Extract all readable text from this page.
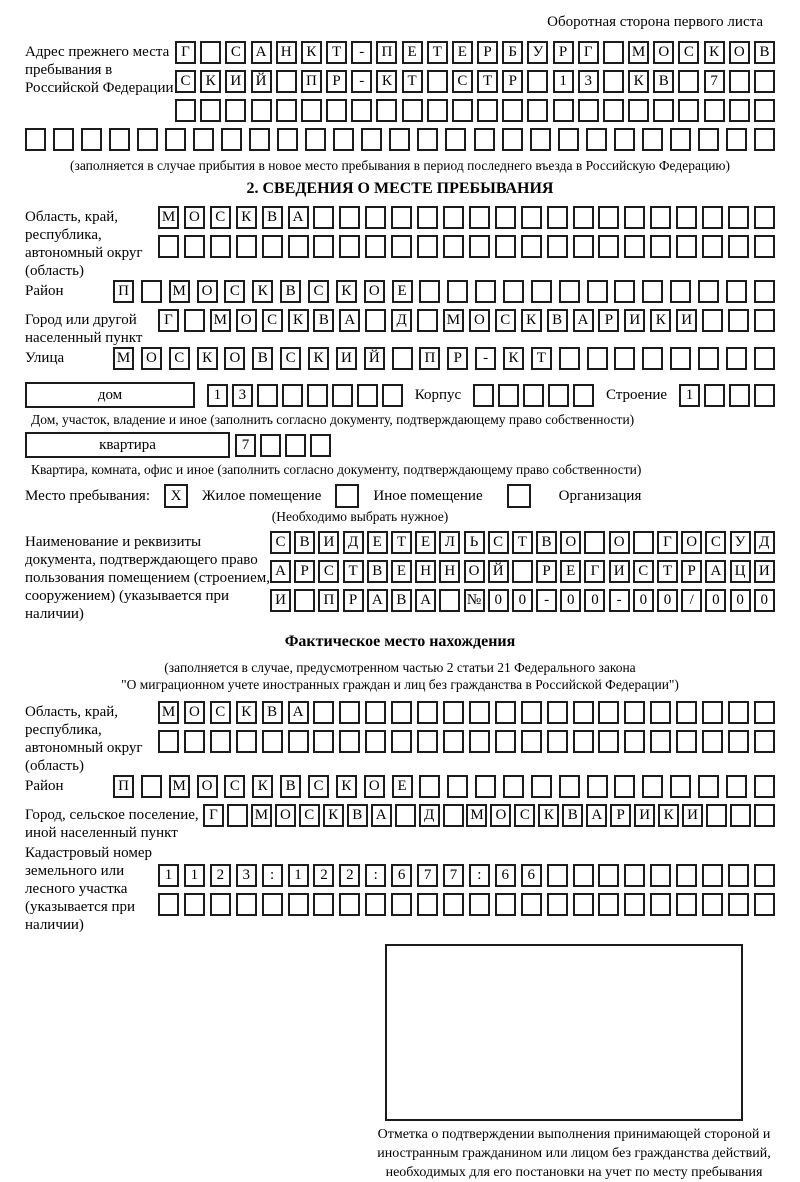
Оборотная сторона первого листа
Адрес прежнего места пребывания в Российской Федерации
Г	С А Н К	Т	-	П	Е	Т	Е	Р	Б	У	Р	Г	М О С	К О В
С	К И Й	П	Р	-	К	Т	С	Т	Р	1	3	К	В	7
(заполняется в случае прибытия в новое место пребывания в период последнего въезда в Российскую Федерацию)
2. СВЕДЕНИЯ О МЕСТЕ ПРЕБЫВАНИЯ
Область, край, республика, автономный округ (область)
М О	С	К	В	А
Район	П	М	О	С	К	В	С	К	О	Е
Город или другой населенный пункт
Г	М О	С	К	В	А	Д	М О	С	К	В	А	Р	И	К	И
Улица	М	О	С	К	О	В	С	К	И	Й	П	Р	-	К	Т
дом	1	3	Корпус	Строение	1
Дом, участок, владение и иное (заполнить согласно документу, подтверждающему право собственности)
квартира	7
Квартира, комната, офис и иное (заполнить согласно документу, подтверждающему право собственности)
Место пребывания:	X	Жилое помещение	Иное помещение	Организация
(Необходимо выбрать нужное)
Наименование и реквизиты документа, подтверждающего право пользования помещением (строением, сооружением) (указывается при наличии)
С В И Д Е	Т	Е Л Ь С Т В О	О	Г О С У Д
А Р	С Т В Е Н Н О Й	Р	Е	Г И С Т	Р А Ц И
И	П Р А В А	№ 0	0	-	0	0	-	0	0	/	0	0	0
Фактическое место нахождения
(заполняется в случае, предусмотренном частью 2 статьи 21 Федерального закона
"О миграционном учете иностранных граждан и лиц без гражданства в Российской Федерации")
Область, край, республика, автономный округ (область)
М О	С	К	В	А
Район	П	М	О	С	К	В	С	К	О	Е
Город, сельское поселение, иной населенный пункт
Г	М О С К В А	Д	М О С К В А Р И К И
Кадастровый номер земельного или лесного участка (указывается при наличии)
1	1	2	3	:	1	2	2	:	6	7	7	:	6	6
Отметка о подтверждении выполнения принимающей стороной и иностранным гражданином или лицом без гражданства действий, необходимых для его постановки на учет по месту пребывания
